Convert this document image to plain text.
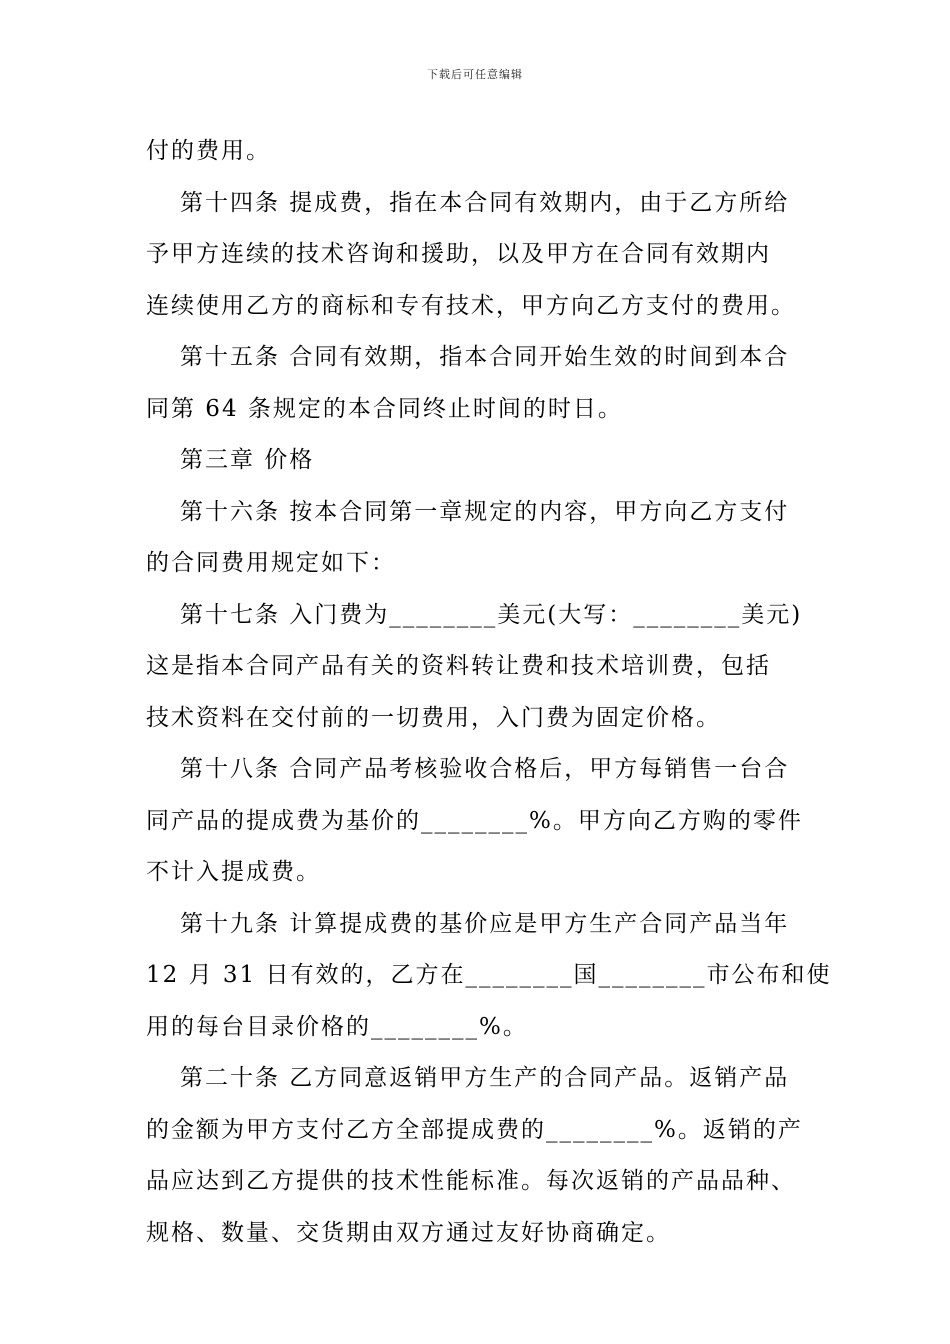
下载后可任意编辑
付的费用。
第十四条 提成费，指在本合同有效期内，由于乙方所给
予甲方连续的技术咨询和援助，以及甲方在合同有效期内
连续使用乙方的商标和专有技术，甲方向乙方支付的费用。
第十五条 合同有效期，指本合同开始生效的时间到本合
同第 64 条规定的本合同终止时间的时日。
第三章 价格
第十六条 按本合同第一章规定的内容，甲方向乙方支付
的合同费用规定如下：
第十七条 入门费为________美元(大写：________美元)
这是指本合同产品有关的资料转让费和技术培训费，包括
技术资料在交付前的一切费用，入门费为固定价格。
第十八条 合同产品考核验收合格后，甲方每销售一台合
同产品的提成费为基价的________%。甲方向乙方购的零件
不计入提成费。
第十九条 计算提成费的基价应是甲方生产合同产品当年
12 月 31 日有效的，乙方在________国________市公布和使
用的每台目录价格的________%。
第二十条 乙方同意返销甲方生产的合同产品。返销产品
的金额为甲方支付乙方全部提成费的________%。返销的产
品应达到乙方提供的技术性能标准。每次返销的产品品种、
规格、数量、交货期由双方通过友好协商确定。
